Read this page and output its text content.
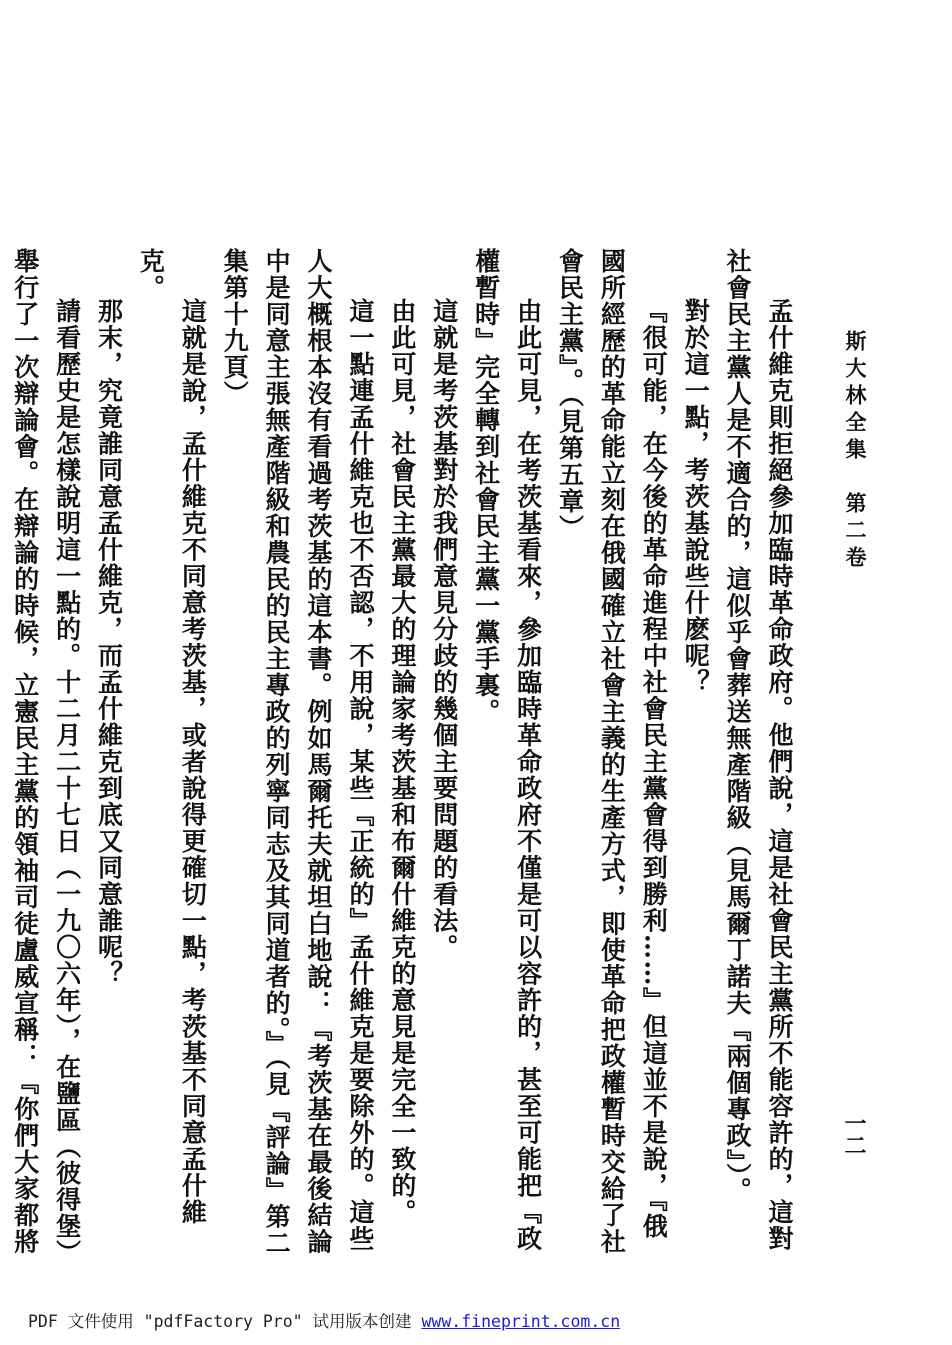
斯大林全集　第二卷
一二

孟什維克則拒絕參加臨時革命政府。他們說，這是社會民主黨所不能容許的，這對社會民主黨人是不適合的，這似乎會葬送無產階級（見馬爾丁諾夫『兩個專政』）。

對於這一點，考茨基說些什麽呢？

『很可能，在今後的革命進程中社會民主黨會得到勝利……』但這並不是說，『俄國所經歷的革命能立刻在俄國確立社會主義的生產方式，即使革命把政權暫時交給了社會民主黨』。（見第五章）

由此可見，在考茨基看來，參加臨時革命政府不僅是可以容許的，甚至可能把『政權暫時』完全轉到社會民主黨一黨手裏。

這就是考茨基對於我們意見分歧的幾個主要問題的看法。

由此可見，社會民主黨最大的理論家考茨基和布爾什維克的意見是完全一致的。

這一點連孟什維克也不否認，不用說，某些『正統的』孟什維克是要除外的。這些人大概根本沒有看過考茨基的這本書。例如馬爾托夫就坦白地說：『考茨基在最後結論中是同意主張無產階級和農民的民主專政的列寧同志及其同道者的。』（見『評論』第二集第十九頁）

這就是說，孟什維克不同意考茨基，或者說得更確切一點，考茨基不同意孟什維克。

那末，究竟誰同意孟什維克，而孟什維克到底又同意誰呢？

請看歷史是怎樣說明這一點的。十二月二十七日（一九〇六年），在鹽區（彼得堡）舉行了一次辯論會。在辯論的時候，立憲民主黨的領袖司徒盧威宣稱：『你們大家都將

PDF 文件使用 "pdfFactory Pro" 试用版本创建 www.fineprint.com.cn
